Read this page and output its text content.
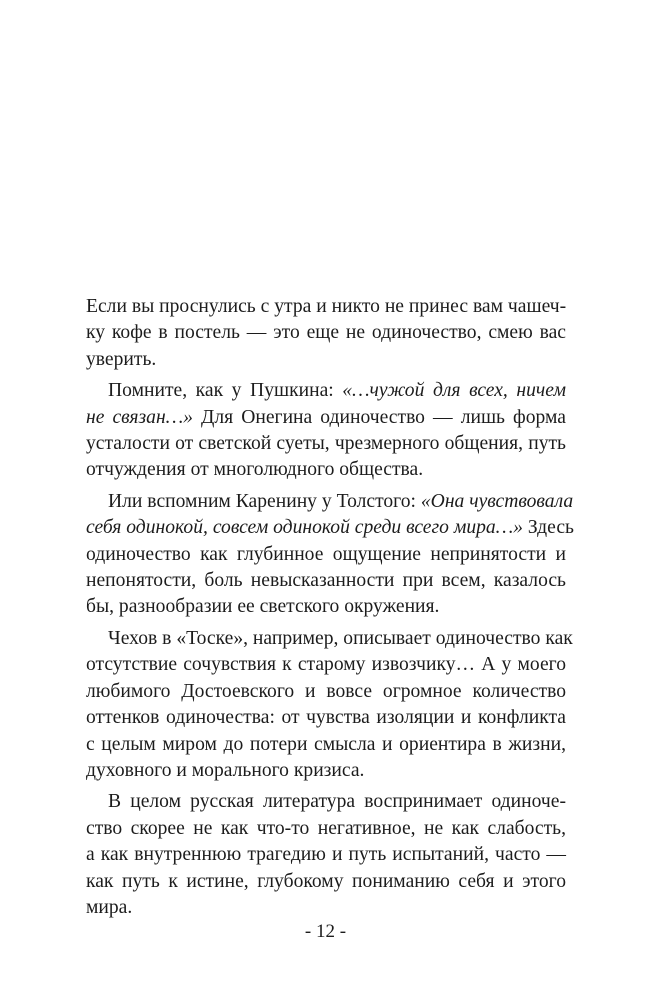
Если вы проснулись с утра и никто не принес вам чашеч-
ку кофе в постель — это еще не одиночество, смею вас
уверить.
Помните, как у Пушкина: «…чужой для всех, ничем
не связан…» Для Онегина одиночество — лишь форма
усталости от светской суеты, чрезмерного общения, путь
отчуждения от многолюдного общества.
Или вспомним Каренину у Толстого: «Она чувствовала
себя одинокой, совсем одинокой среди всего мира…» Здесь
одиночество как глубинное ощущение непринятости и
непонятости, боль невысказанности при всем, казалось
бы, разнообразии ее светского окружения.
Чехов в «Тоске», например, описывает одиночество как
отсутствие сочувствия к старому извозчику… А у моего
любимого Достоевского и вовсе огромное количество
оттенков одиночества: от чувства изоляции и конфликта
с целым миром до потери смысла и ориентира в жизни,
духовного и морального кризиса.
В целом русская литература воспринимает одиноче-
ство скорее не как что-то негативное, не как слабость,
а как внутреннюю трагедию и путь испытаний, часто —
как путь к истине, глубокому пониманию себя и этого
мира.
- 12 -
